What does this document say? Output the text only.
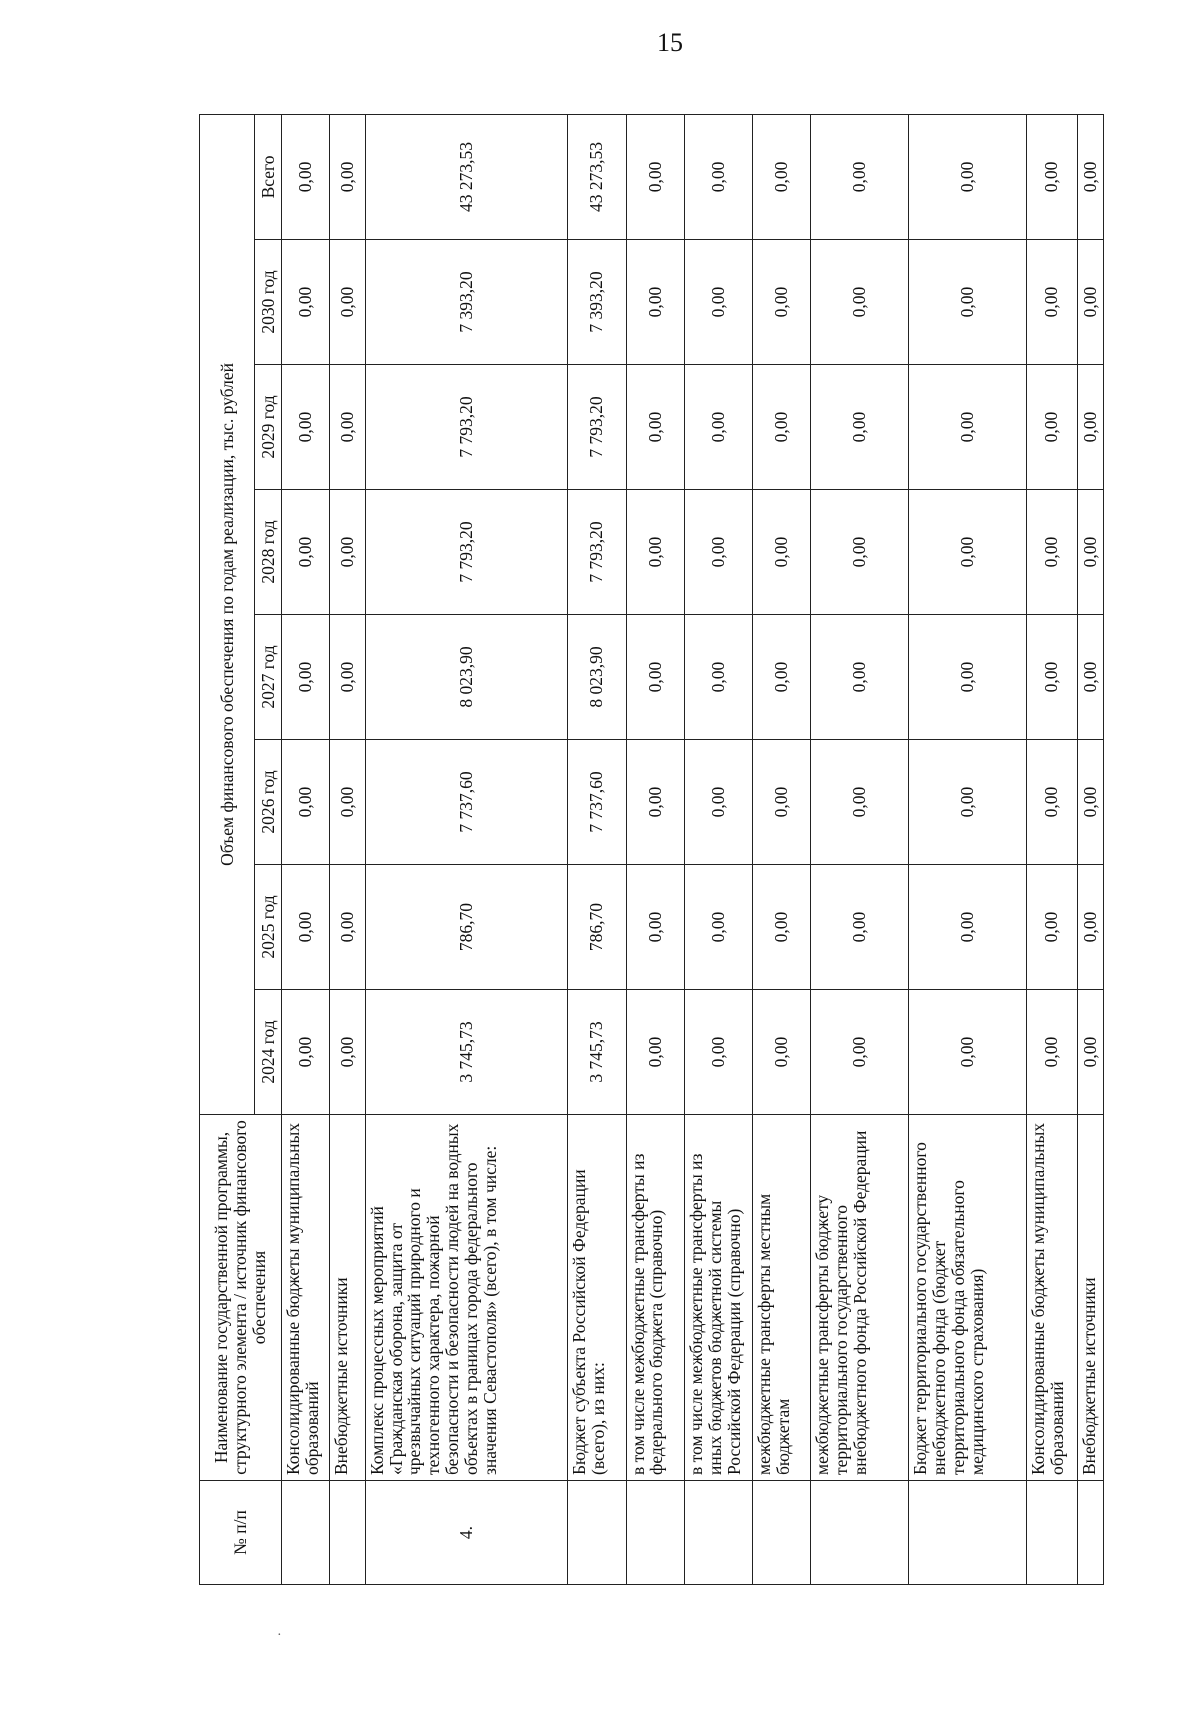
15
№ п/п	Наименование государственной программы, структурного элемента / источник финансового обеспечения	Объем финансового обеспечения по годам реализации, тыс. рублей							
		2024 год	2025 год	2026 год	2027 год	2028 год	2029 год	2030 год	Всего
	Консолидированные бюджеты муниципальных образований	0,00	0,00	0,00	0,00	0,00	0,00	0,00	0,00
	Внебюджетные источники	0,00	0,00	0,00	0,00	0,00	0,00	0,00	0,00
4.	Комплекс процессных мероприятий «Гражданская оборона, защита от чрезвычайных ситуаций природного и техногенного характера, пожарной безопасности и безопасности людей на водных объектах в границах города федерального значения Севастополя» (всего), в том числе:	3 745,73	786,70	7 737,60	8 023,90	7 793,20	7 793,20	7 393,20	43 273,53
	Бюджет субъекта Российской Федерации (всего), из них:	3 745,73	786,70	7 737,60	8 023,90	7 793,20	7 793,20	7 393,20	43 273,53
	в том числе межбюджетные трансферты из федерального бюджета (справочно)	0,00	0,00	0,00	0,00	0,00	0,00	0,00	0,00
	в том числе межбюджетные трансферты из иных бюджетов бюджетной системы Российской Федерации (справочно)	0,00	0,00	0,00	0,00	0,00	0,00	0,00	0,00
	межбюджетные трансферты местным бюджетам	0,00	0,00	0,00	0,00	0,00	0,00	0,00	0,00
	межбюджетные трансферты бюджету территориального государственного внебюджетного фонда Российской Федерации	0,00	0,00	0,00	0,00	0,00	0,00	0,00	0,00
	Бюджет территориального государственного внебюджетного фонда (бюджет территориального фонда обязательного медицинского страхования)	0,00	0,00	0,00	0,00	0,00	0,00	0,00	0,00
	Консолидированные бюджеты муниципальных образований	0,00	0,00	0,00	0,00	0,00	0,00	0,00	0,00
	Внебюджетные источники	0,00	0,00	0,00	0,00	0,00	0,00	0,00	0,00
·
